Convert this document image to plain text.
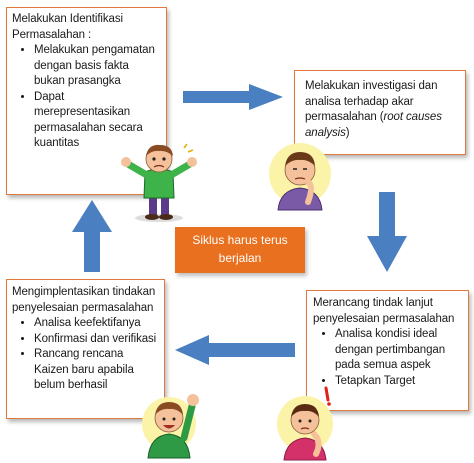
Melakukan Identifikasi

Permasalahan :

• Melakukan pengamatan dengan basis fakta bukan prasangka
• Dapat merepresentasikan permasalahan secara kuantitas

Melakukan investigasi dan analisa terhadap akar permasalahan (root causes analysis)

Mengimplentasikan tindakan penyelesaian permasalahan

• Analisa keefektifanya
• Konfirmasi dan verifikasi
• Rancang rencana Kaizen baru apabila belum berhasil

Merancang tindak lanjut penyelesaian permasalahan

• Analisa kondisi ideal dengan pertimbangan pada semua aspek
• Tetapkan Target
Siklus harus terus
berjalan
